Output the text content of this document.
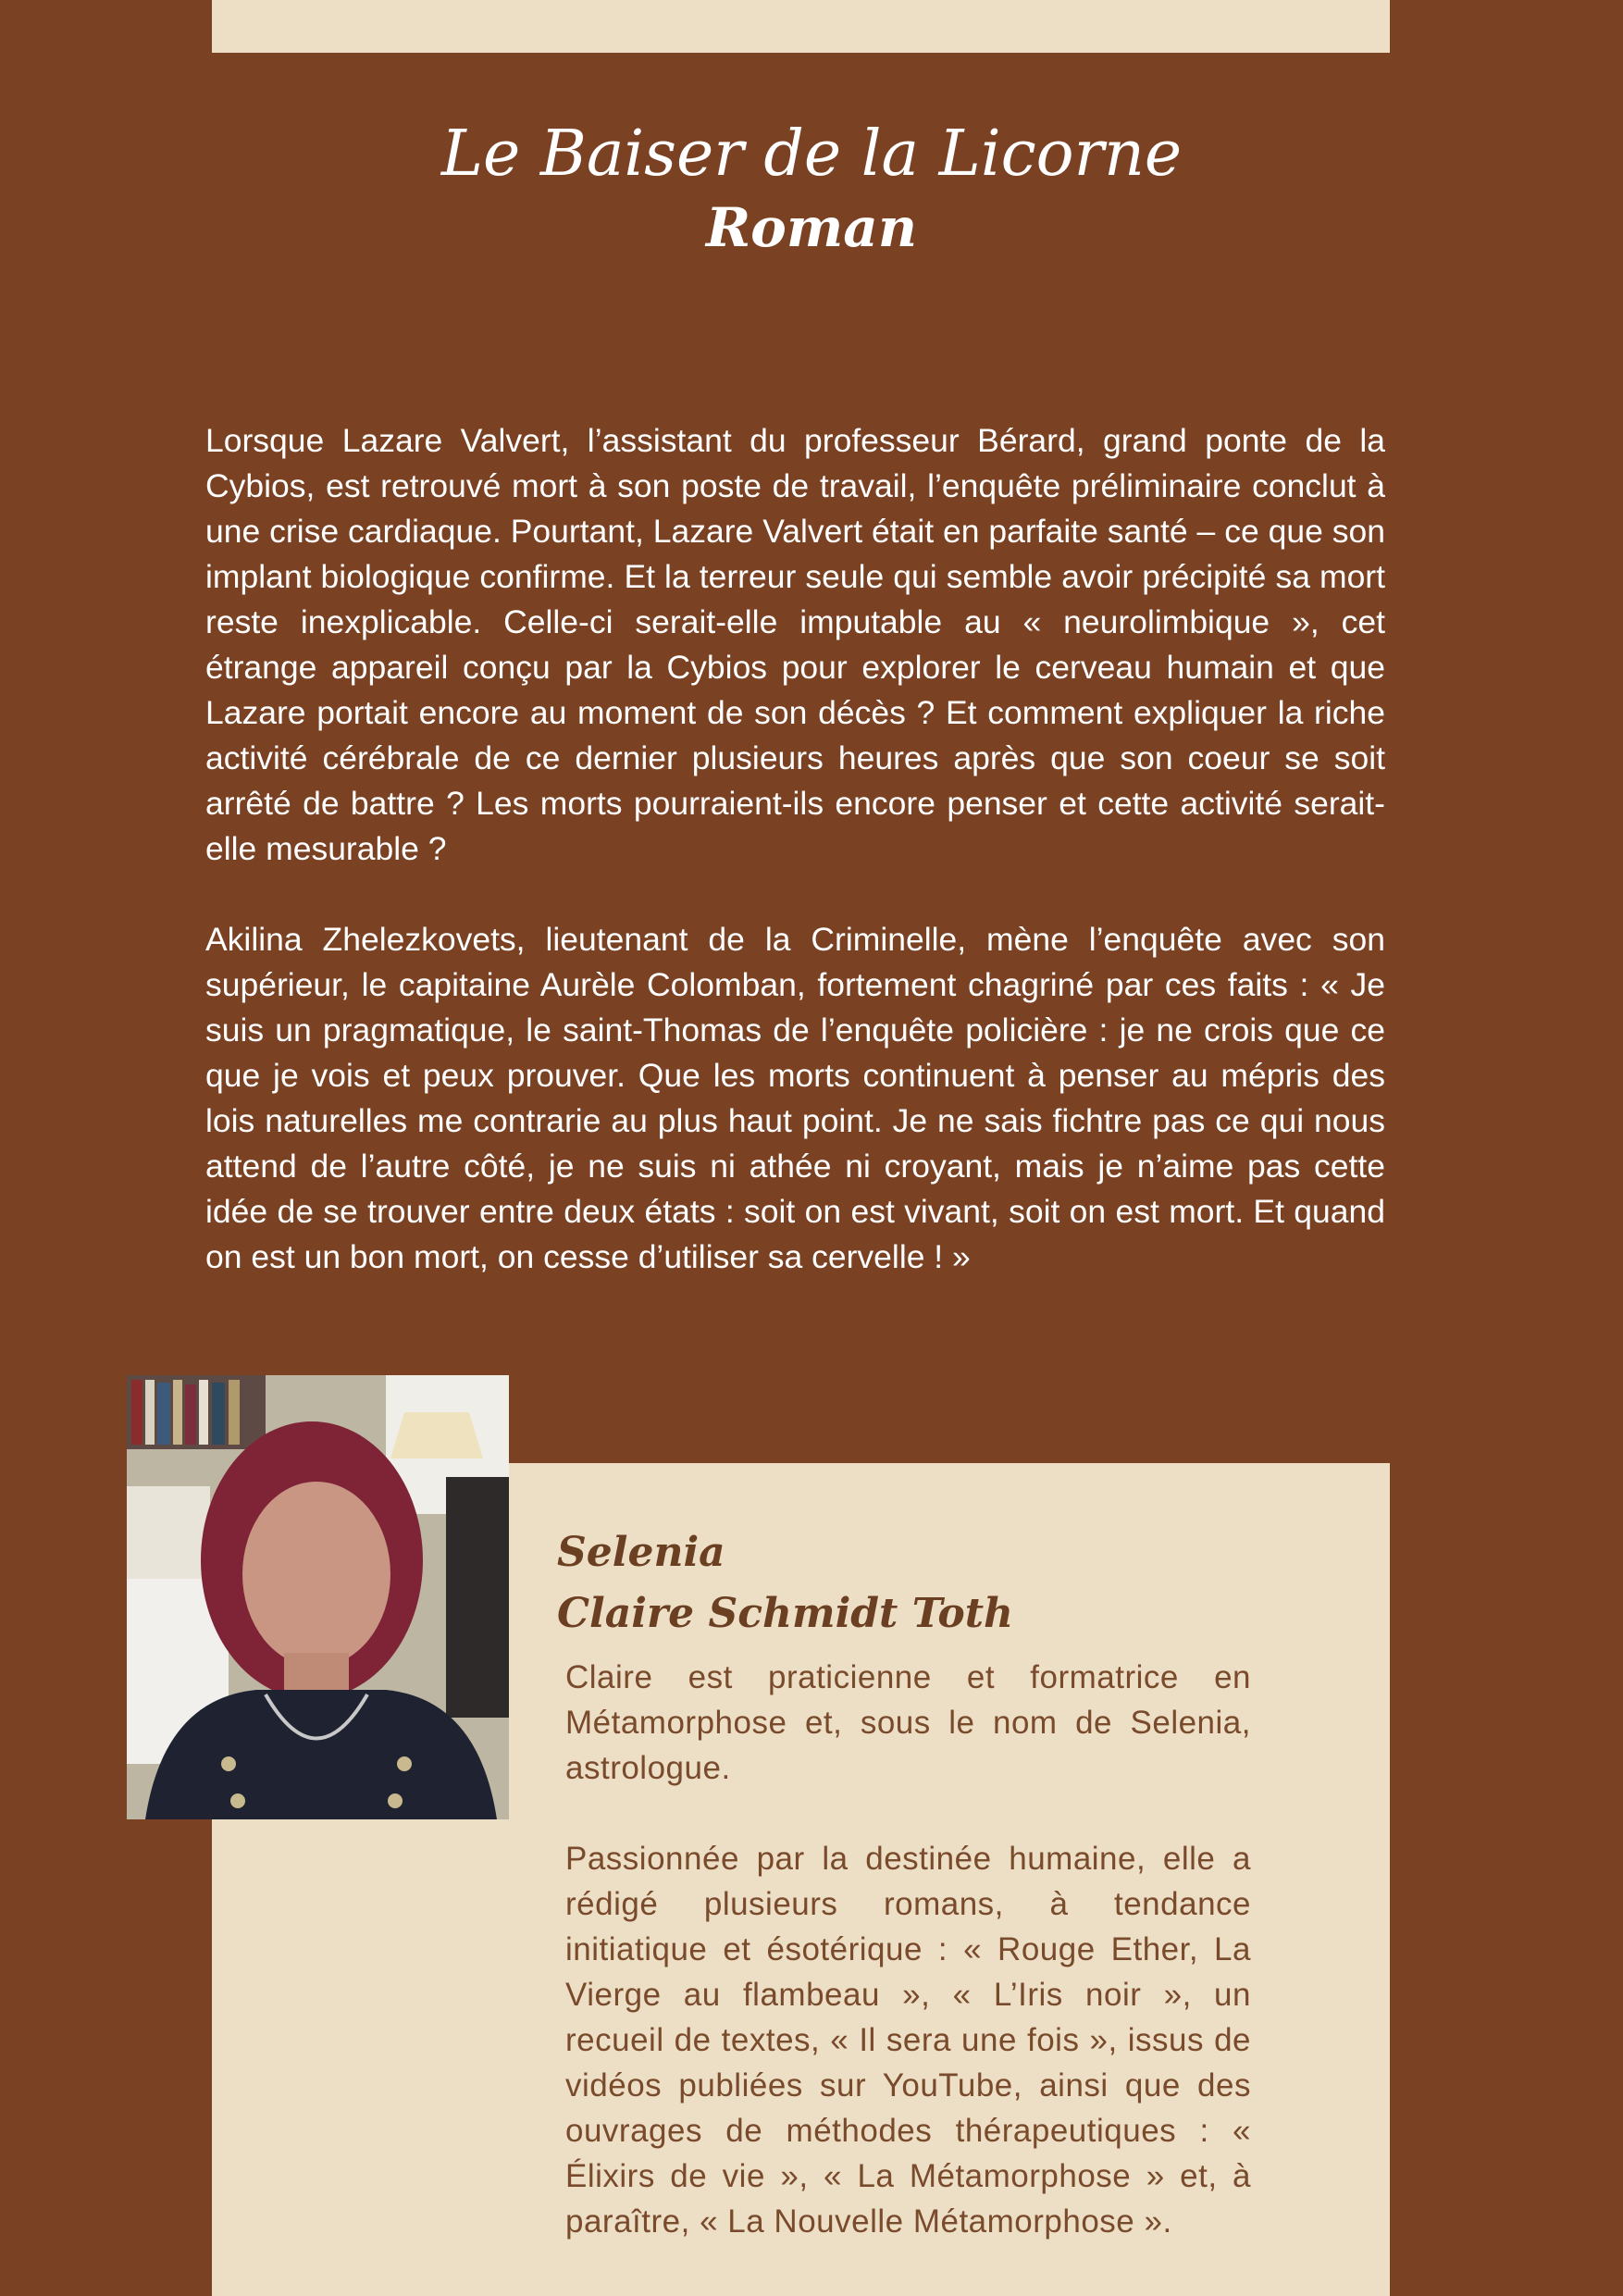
Le Baiser de la Licorne
Roman

Lorsque Lazare Valvert, l’assistant du professeur Bérard, grand ponte de la Cybios, est retrouvé mort à son poste de travail, l’enquête préliminaire conclut à une crise cardiaque. Pourtant, Lazare Valvert était en parfaite santé – ce que son implant biologique confirme. Et la terreur seule qui semble avoir précipité sa mort reste inexplicable. Celle-ci serait-elle imputable au « neurolimbique », cet étrange appareil conçu par la Cybios pour explorer le cerveau humain et que Lazare portait encore au moment de son décès ? Et comment expliquer la riche activité cérébrale de ce dernier plusieurs heures après que son coeur se soit arrêté de battre ? Les morts pourraient-ils encore penser et cette activité serait-elle mesurable ?

Akilina Zhelezkovets, lieutenant de la Criminelle, mène l’enquête avec son supérieur, le capitaine Aurèle Colomban, fortement chagriné par ces faits : « Je suis un pragmatique, le saint-Thomas de l’enquête policière : je ne crois que ce que je vois et peux prouver. Que les morts continuent à penser au mépris des lois naturelles me contrarie au plus haut point. Je ne sais fichtre pas ce qui nous attend de l’autre côté, je ne suis ni athée ni croyant, mais je n’aime pas cette idée de se trouver entre deux états : soit on est vivant, soit on est mort. Et quand on est un bon mort, on cesse d’utiliser sa cervelle ! »

Selenia
Claire Schmidt Toth

Claire est praticienne et formatrice en Métamorphose et, sous le nom de Selenia, astrologue.

Passionnée par la destinée humaine, elle a rédigé plusieurs romans, à tendance initiatique et ésotérique : « Rouge Ether, La Vierge au flambeau », « L’Iris noir », un recueil de textes, « Il sera une fois », issus de vidéos publiées sur YouTube, ainsi que des ouvrages de méthodes thérapeutiques : « Élixirs de vie », « La Métamorphose » et, à paraître, « La Nouvelle Métamorphose ».
